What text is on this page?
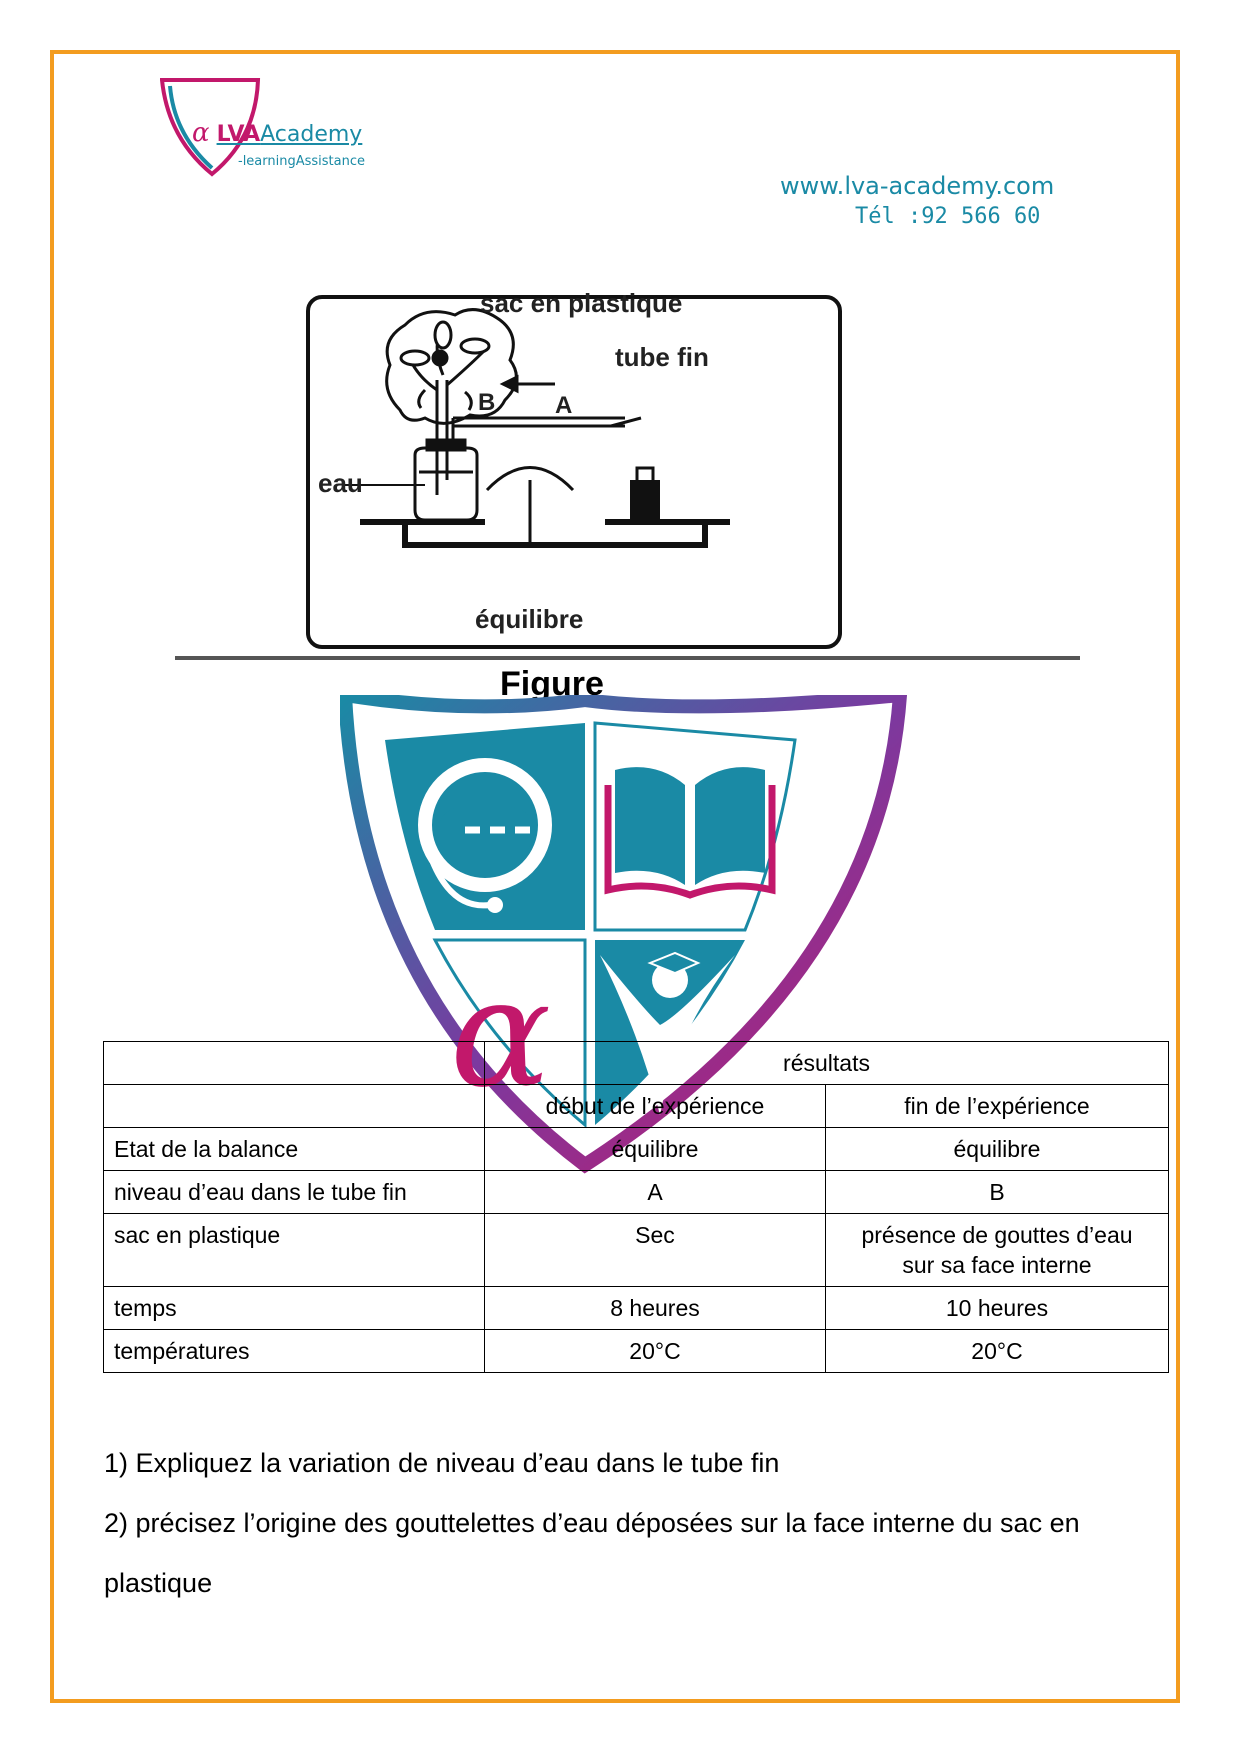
α LVAAcademy
-learningAssistance
www.lva-academy.com
Tél :92 566 60
sac en plastique
tube fin
B A
eau
équilibre
Figure
α
		résultats	
	début de l’expérience	fin de l’expérience
Etat de la balance	équilibre	équilibre
niveau d’eau dans le tube fin	A	B
sac en plastique	Sec	présence de gouttes d’eau
sur sa face interne

temps	8 heures	10 heures
températures	20°C	20°C
1) Expliquez la variation de niveau d’eau dans le tube fin
2) précisez l’origine des gouttelettes d’eau déposées sur la face interne du sac en plastique
